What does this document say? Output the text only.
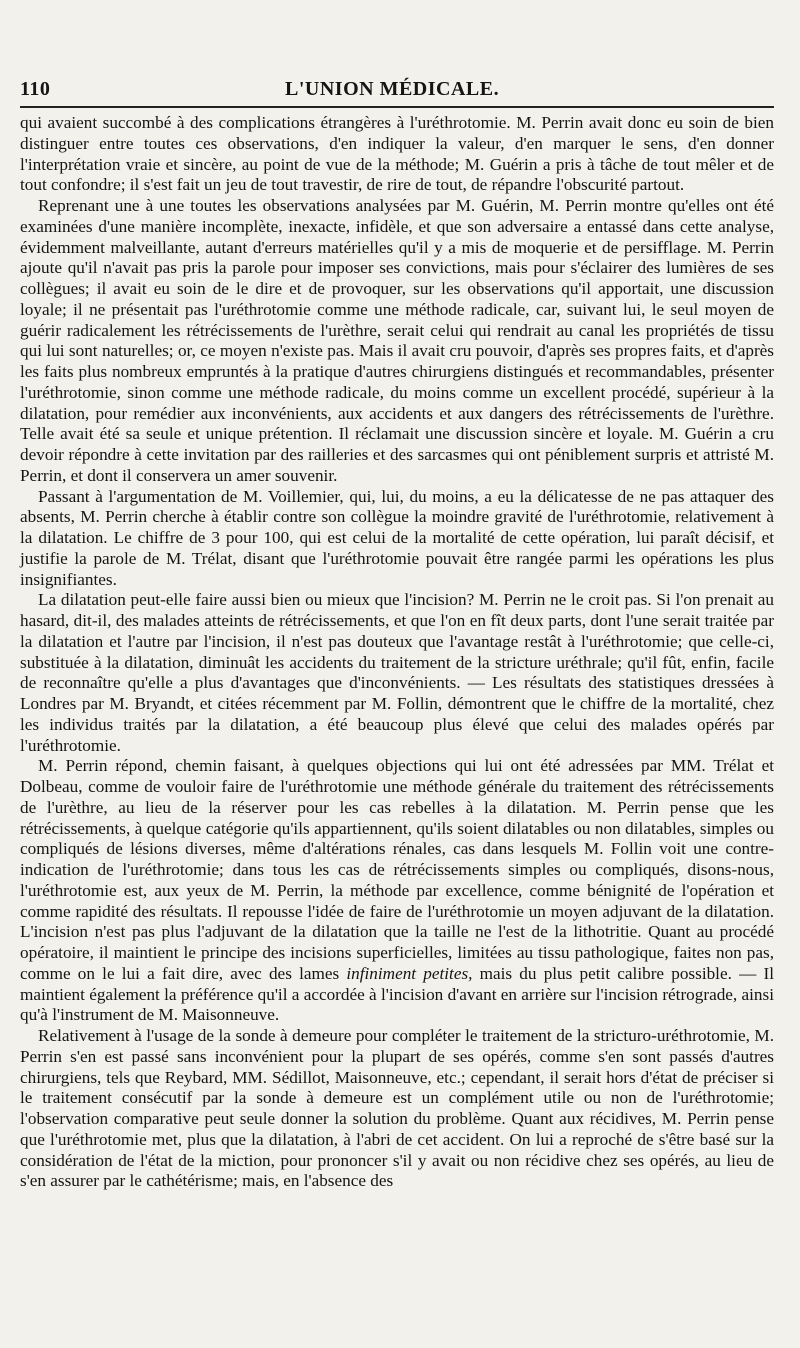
110	L'UNION MÉDICALE.

qui avaient succombé à des complications étrangères à l'uréthrotomie. M. Perrin avait donc eu soin de bien distinguer entre toutes ces observations, d'en indiquer la valeur, d'en marquer le sens, d'en donner l'interprétation vraie et sincère, au point de vue de la méthode; M. Guérin a pris à tâche de tout mêler et de tout confondre; il s'est fait un jeu de tout travestir, de rire de tout, de répandre l'obscurité partout.

Reprenant une à une toutes les observations analysées par M. Guérin, M. Perrin montre qu'elles ont été examinées d'une manière incomplète, inexacte, infidèle, et que son adversaire a entassé dans cette analyse, évidemment malveillante, autant d'erreurs matérielles qu'il y a mis de moquerie et de persifflage. M. Perrin ajoute qu'il n'avait pas pris la parole pour imposer ses convictions, mais pour s'éclairer des lumières de ses collègues; il avait eu soin de le dire et de provoquer, sur les observations qu'il apportait, une discussion loyale; il ne présentait pas l'uréthrotomie comme une méthode radicale, car, suivant lui, le seul moyen de guérir radicalement les rétrécissements de l'urèthre, serait celui qui rendrait au canal les propriétés de tissu qui lui sont naturelles; or, ce moyen n'existe pas. Mais il avait cru pouvoir, d'après ses propres faits, et d'après les faits plus nombreux empruntés à la pratique d'autres chirurgiens distingués et recommandables, présenter l'uréthrotomie, sinon comme une méthode radicale, du moins comme un excellent procédé, supérieur à la dilatation, pour remédier aux inconvénients, aux accidents et aux dangers des rétrécissements de l'urèthre. Telle avait été sa seule et unique prétention. Il réclamait une discussion sincère et loyale. M. Guérin a cru devoir répondre à cette invitation par des railleries et des sarcasmes qui ont péniblement surpris et attristé M. Perrin, et dont il conservera un amer souvenir.

Passant à l'argumentation de M. Voillemier, qui, lui, du moins, a eu la délicatesse de ne pas attaquer des absents, M. Perrin cherche à établir contre son collègue la moindre gravité de l'uréthrotomie, relativement à la dilatation. Le chiffre de 3 pour 100, qui est celui de la mortalité de cette opération, lui paraît décisif, et justifie la parole de M. Trélat, disant que l'uréthrotomie pouvait être rangée parmi les opérations les plus insignifiantes.

La dilatation peut-elle faire aussi bien ou mieux que l'incision? M. Perrin ne le croit pas. Si l'on prenait au hasard, dit-il, des malades atteints de rétrécissements, et que l'on en fît deux parts, dont l'une serait traitée par la dilatation et l'autre par l'incision, il n'est pas douteux que l'avantage restât à l'uréthrotomie; que celle-ci, substituée à la dilatation, diminuât les accidents du traitement de la stricture uréthrale; qu'il fût, enfin, facile de reconnaître qu'elle a plus d'avantages que d'inconvénients. — Les résultats des statistiques dressées à Londres par M. Bryandt, et citées récemment par M. Follin, démontrent que le chiffre de la mortalité, chez les individus traités par la dilatation, a été beaucoup plus élevé que celui des malades opérés par l'uréthrotomie.

M. Perrin répond, chemin faisant, à quelques objections qui lui ont été adressées par MM. Trélat et Dolbeau, comme de vouloir faire de l'uréthrotomie une méthode générale du traitement des rétrécissements de l'urèthre, au lieu de la réserver pour les cas rebelles à la dilatation. M. Perrin pense que les rétrécissements, à quelque catégorie qu'ils appartiennent, qu'ils soient dilatables ou non dilatables, simples ou compliqués de lésions diverses, même d'altérations rénales, cas dans lesquels M. Follin voit une contre-indication de l'uréthrotomie; dans tous les cas de rétrécissements simples ou compliqués, disons-nous, l'uréthrotomie est, aux yeux de M. Perrin, la méthode par excellence, comme bénignité de l'opération et comme rapidité des résultats. Il repousse l'idée de faire de l'uréthrotomie un moyen adjuvant de la dilatation. L'incision n'est pas plus l'adjuvant de la dilatation que la taille ne l'est de la lithotritie. Quant au procédé opératoire, il maintient le principe des incisions superficielles, limitées au tissu pathologique, faites non pas, comme on le lui a fait dire, avec des lames infiniment petites, mais du plus petit calibre possible. — Il maintient également la préférence qu'il a accordée à l'incision d'avant en arrière sur l'incision rétrograde, ainsi qu'à l'instrument de M. Maisonneuve.

Relativement à l'usage de la sonde à demeure pour compléter le traitement de la stricturo-uréthrotomie, M. Perrin s'en est passé sans inconvénient pour la plupart de ses opérés, comme s'en sont passés d'autres chirurgiens, tels que Reybard, MM. Sédillot, Maisonneuve, etc.; cependant, il serait hors d'état de préciser si le traitement consécutif par la sonde à demeure est un complément utile ou non de l'uréthrotomie; l'observation comparative peut seule donner la solution du problème. Quant aux récidives, M. Perrin pense que l'uréthrotomie met, plus que la dilatation, à l'abri de cet accident. On lui a reproché de s'être basé sur la considération de l'état de la miction, pour prononcer s'il y avait ou non récidive chez ses opérés, au lieu de s'en assurer par le cathétérisme; mais, en l'absence des
